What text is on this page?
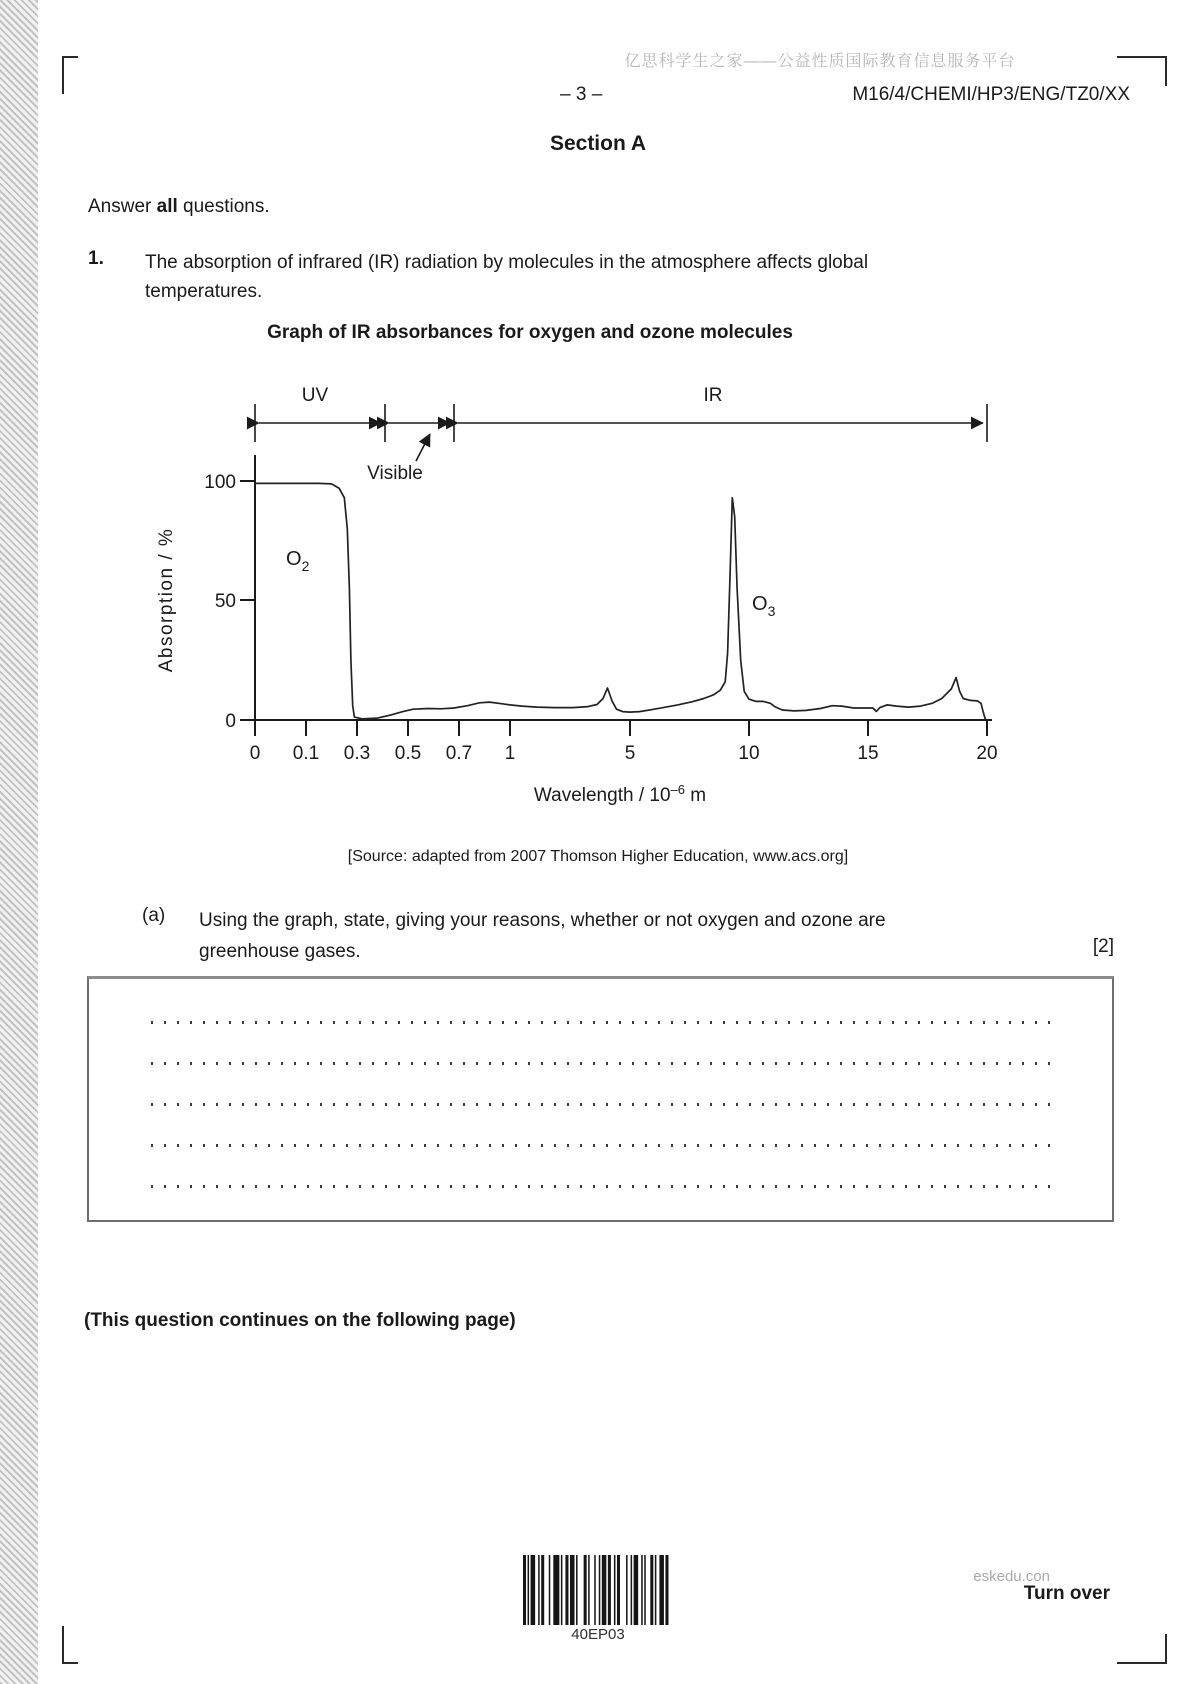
亿思科学生之家——公益性质国际教育信息服务平台
– 3 –	M16/4/CHEMI/HP3/ENG/TZ0/XX
Section A
Answer all questions.
1. The absorption of infrared (IR) radiation by molecules in the atmosphere affects global
temperatures.
Graph of IR absorbances for oxygen and ozone molecules
UV	IR
Visible
100
50
0
0 0.1 0.3 0.5 0.7 1	5	10	15	20
Absorption / %
Wavelength / $10^{-6}$ m
$O_2$
$O_3$
[Source: adapted from 2007 Thomson Higher Education, www.acs.org]
(a) Using the graph, state, giving your reasons, whether or not oxygen and ozone are
greenhouse gases.	[2]
(This question continues on the following page)
40EP03
eskedu.con
Turn over
